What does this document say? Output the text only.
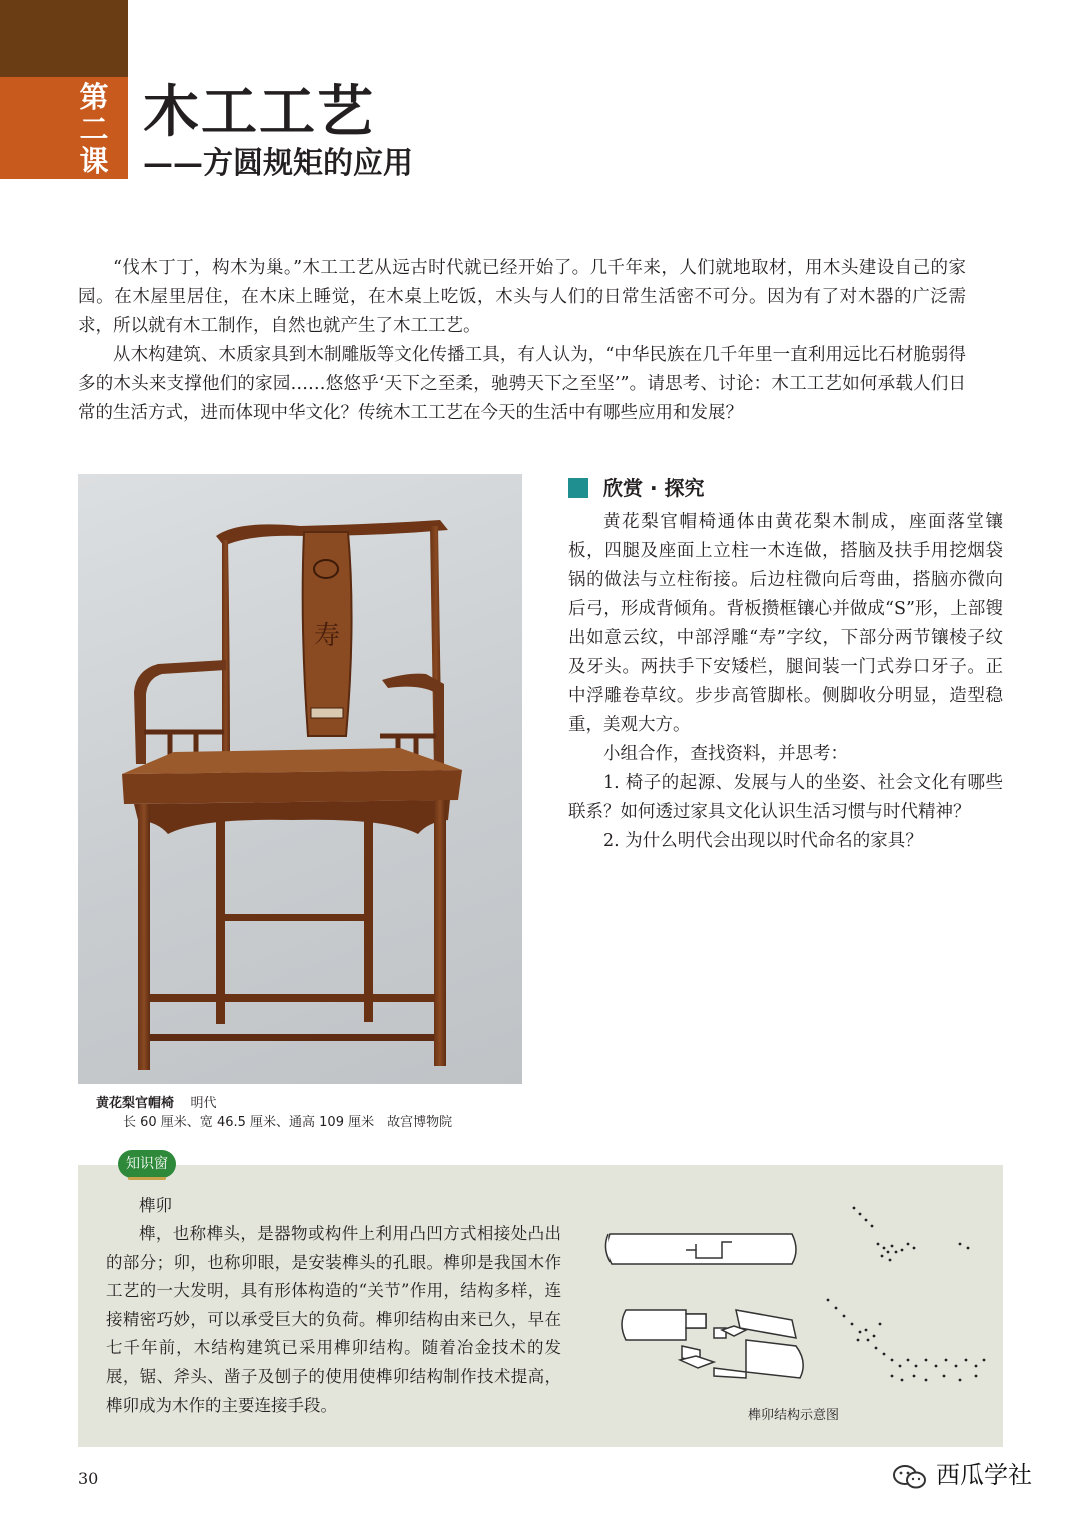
第
二
课
木工工艺
——方圆规矩的应用

“伐木丁丁，构木为巢。”木工工艺从远古时代就已经开始了。几千年来，人们就地取材，用木头建设自己的家园。在木屋里居住，在木床上睡觉，在木桌上吃饭，木头与人们的日常生活密不可分。因为有了对木器的广泛需求，所以就有木工制作，自然也就产生了木工工艺。

从木构建筑、木质家具到木制雕版等文化传播工具，有人认为，“中华民族在几千年里一直利用远比石材脆弱得多的木头来支撑他们的家园……悠悠乎‘天下之至柔，驰骋天下之至坚’”。请思考、讨论：木工工艺如何承载人们日常的生活方式，进而体现中华文化？传统木工工艺在今天的生活中有哪些应用和发展？

寿
黄花梨官帽椅 明代
长 60 厘米、宽 46.5 厘米、通高 109 厘米　故宫博物院
欣赏 · 探究

黄花梨官帽椅通体由黄花梨木制成，座面落堂镶板，四腿及座面上立柱一木连做，搭脑及扶手用挖烟袋锅的做法与立柱衔接。后边柱微向后弯曲，搭脑亦微向后弓，形成背倾角。背板攒框镶心并做成“S”形，上部锼出如意云纹，中部浮雕“寿”字纹，下部分两节镶棱子纹及牙头。两扶手下安矮栏，腿间装一门式券口牙子。正中浮雕卷草纹。步步高管脚枨。侧脚收分明显，造型稳重，美观大方。

小组合作，查找资料，并思考：

1. 椅子的起源、发展与人的坐姿、社会文化有哪些联系？如何透过家具文化认识生活习惯与时代精神？

2. 为什么明代会出现以时代命名的家具？

知识窗
榫卯

榫，也称榫头，是器物或构件上利用凸凹方式相接处凸出的部分；卯，也称卯眼，是安装榫头的孔眼。榫卯是我国木作工艺的一大发明，具有形体构造的“关节”作用，结构多样，连接精密巧妙，可以承受巨大的负荷。榫卯结构由来已久，早在七千年前，木结构建筑已采用榫卯结构。随着冶金技术的发展，锯、斧头、凿子及刨子的使用使榫卯结构制作技术提高，榫卯成为木作的主要连接手段。

榫卯结构示意图
30	西瓜学社
